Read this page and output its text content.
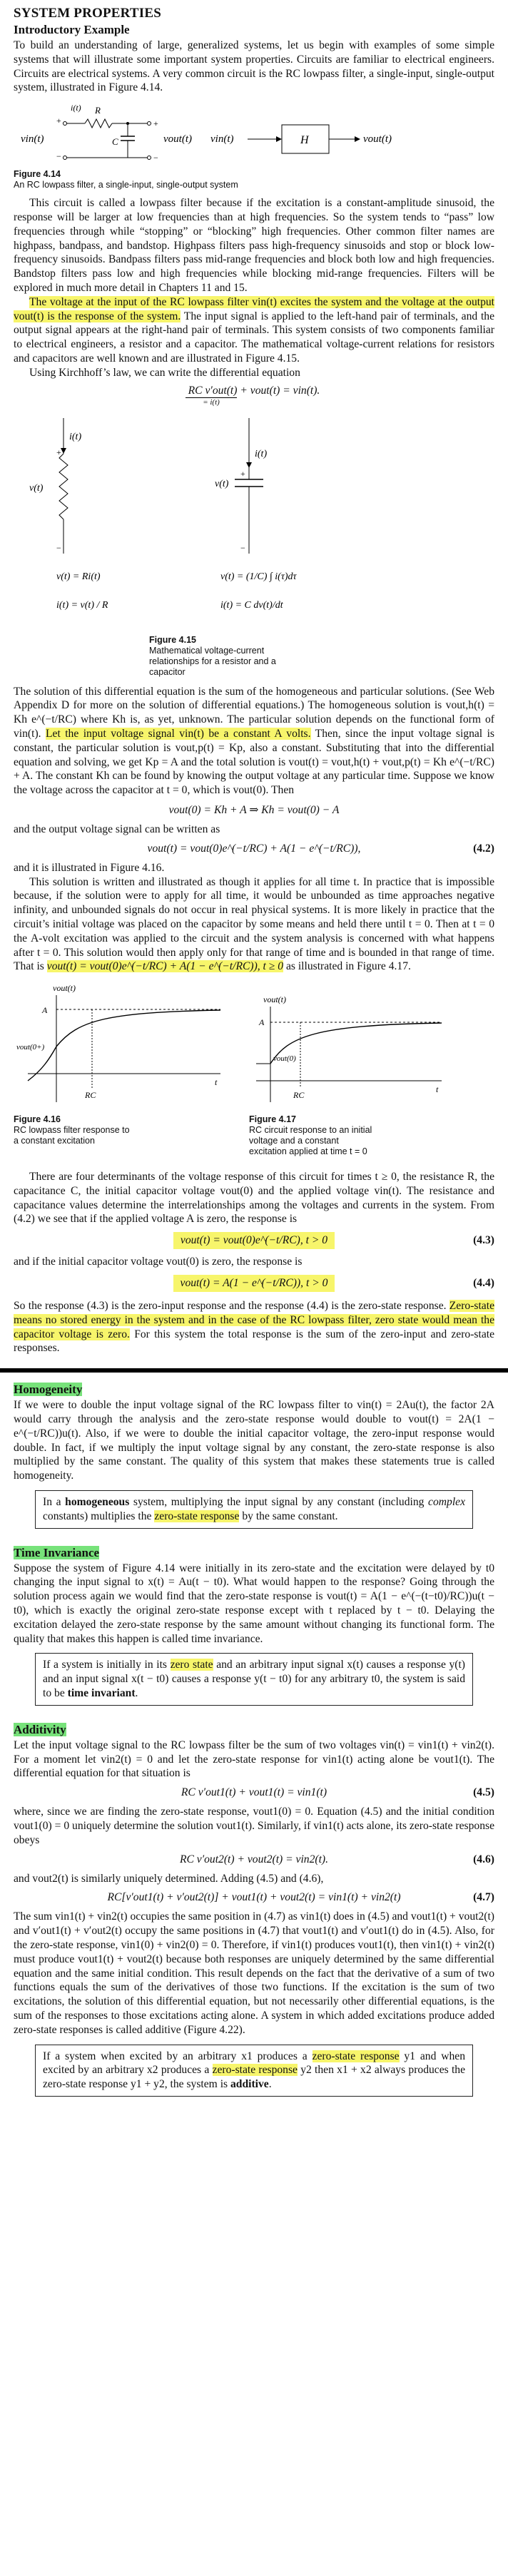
SYSTEM PROPERTIES
Introductory Example

To build an understanding of large, generalized systems, let us begin with examples of some simple systems that will illustrate some important system properties. Circuits are familiar to electrical engineers. Circuits are electrical systems. A very common circuit is the RC lowpass filter, a single-input, single-output system, illustrated in Figure 4.14.

vin(t)
+
−
R
i(t)
C
+
−
vout(t) vin(t)	H	vout(t)
Figure 4.14
An RC lowpass filter, a single-input, single-output system

This circuit is called a lowpass filter because if the excitation is a constant-amplitude sinusoid, the response will be larger at low frequencies than at high frequencies. So the system tends to “pass” low frequencies through while “stopping” or “blocking” high frequencies. Other common filter names are highpass, bandpass, and bandstop. Highpass filters pass high-frequency sinusoids and stop or block low-frequency sinusoids. Bandpass filters pass mid-range frequencies and block both low and high frequencies. Bandstop filters pass low and high frequencies while blocking mid-range frequencies. Filters will be explored in much more detail in Chapters 11 and 15.

The voltage at the input of the RC lowpass filter vin(t) excites the system and the voltage at the output vout(t) is the response of the system. The input signal is applied to the left-hand pair of terminals, and the output signal appears at the right-hand pair of terminals. This system consists of two components familiar to electrical engineers, a resistor and a capacitor. The mathematical voltage-current relations for resistors and capacitors are well known and are illustrated in Figure 4.15.

Using Kirchhoff’s law, we can write the differential equation

RC v′out(t) + vout(t) = vin(t).
= i(t)
i(t)
+
−
v(t)
i(t)
+
−
v(t)
v(t) = Ri(t)
i(t) = v(t) / R
v(t) = (1/C) ∫ i(τ)dτ
i(t) = C dv(t)/dt
Figure 4.15
Mathematical voltage-current relationships for a resistor and a capacitor

The solution of this differential equation is the sum of the homogeneous and particular solutions. (See Web Appendix D for more on the solution of differential equations.) The homogeneous solution is vout,h(t) = Kh e^(−t/RC) where Kh is, as yet, unknown. The particular solution depends on the functional form of vin(t). Let the input voltage signal vin(t) be a constant A volts. Then, since the input voltage signal is constant, the particular solution is vout,p(t) = Kp, also a constant. Substituting that into the differential equation and solving, we get Kp = A and the total solution is vout(t) = vout,h(t) + vout,p(t) = Kh e^(−t/RC) + A. The constant Kh can be found by knowing the output voltage at any particular time. Suppose we know the voltage across the capacitor at t = 0, which is vout(0). Then

vout(0) = Kh + A ⇒ Kh = vout(0) − A

and the output voltage signal can be written as

vout(t) = vout(0)e^(−t/RC) + A(1 − e^(−t/RC)),	(4.2)

and it is illustrated in Figure 4.16.

This solution is written and illustrated as though it applies for all time t. In practice that is impossible because, if the solution were to apply for all time, it would be unbounded as time approaches negative infinity, and unbounded signals do not occur in real physical systems. It is more likely in practice that the circuit’s initial voltage was placed on the capacitor by some means and held there until t = 0. Then at t = 0 the A-volt excitation was applied to the circuit and the system analysis is concerned with what happens after t = 0. This solution would then apply only for that range of time and is bounded in that range of time. That is vout(t) = vout(0)e^(−t/RC) + A(1 − e^(−t/RC)), t ≥ 0 as illustrated in Figure 4.17.

vout(t)
t
A
vout(0+)
RC
Figure 4.16
RC lowpass filter response to a constant excitation
vout(t)
t
A
vout(0)
RC
Figure 4.17
RC circuit response to an initial voltage and a constant excitation applied at time t = 0

There are four determinants of the voltage response of this circuit for times t ≥ 0, the resistance R, the capacitance C, the initial capacitor voltage vout(0) and the applied voltage vin(t). The resistance and capacitance values determine the interrelationships among the voltages and currents in the system. From (4.2) we see that if the applied voltage A is zero, the response is

vout(t) = vout(0)e^(−t/RC), t > 0	(4.3)

and if the initial capacitor voltage vout(0) is zero, the response is

vout(t) = A(1 − e^(−t/RC)), t > 0	(4.4)

So the response (4.3) is the zero-input response and the response (4.4) is the zero-state response. Zero-state means no stored energy in the system and in the case of the RC lowpass filter, zero state would mean the capacitor voltage is zero. For this system the total response is the sum of the zero-input and zero-state responses.

Homogeneity

If we were to double the input voltage signal of the RC lowpass filter to vin(t) = 2Au(t), the factor 2A would carry through the analysis and the zero-state response would double to vout(t) = 2A(1 − e^(−t/RC))u(t). Also, if we were to double the initial capacitor voltage, the zero-input response would double. In fact, if we multiply the input voltage signal by any constant, the zero-state response is also multiplied by the same constant. The quality of this system that makes these statements true is called homogeneity.

In a homogeneous system, multiplying the input signal by any constant (including complex constants) multiplies the zero-state response by the same constant.
Time Invariance

Suppose the system of Figure 4.14 were initially in its zero-state and the excitation were delayed by t0 changing the input signal to x(t) = Au(t − t0). What would happen to the response? Going through the solution process again we would find that the zero-state response is vout(t) = A(1 − e^(−(t−t0)/RC))u(t − t0), which is exactly the original zero-state response except with t replaced by t − t0. Delaying the excitation delayed the zero-state response by the same amount without changing its functional form. The quality that makes this happen is called time invariance.

If a system is initially in its zero state and an arbitrary input signal x(t) causes a response y(t) and an input signal x(t − t0) causes a response y(t − t0) for any arbitrary t0, the system is said to be time invariant.
Additivity

Let the input voltage signal to the RC lowpass filter be the sum of two voltages vin(t) = vin1(t) + vin2(t). For a moment let vin2(t) = 0 and let the zero-state response for vin1(t) acting alone be vout1(t). The differential equation for that situation is

RC v′out1(t) + vout1(t) = vin1(t)	(4.5)

where, since we are finding the zero-state response, vout1(0) = 0. Equation (4.5) and the initial condition vout1(0) = 0 uniquely determine the solution vout1(t). Similarly, if vin1(t) acts alone, its zero-state response obeys

RC v′out2(t) + vout2(t) = vin2(t).	(4.6)

and vout2(t) is similarly uniquely determined. Adding (4.5) and (4.6),

RC[v′out1(t) + v′out2(t)] + vout1(t) + vout2(t) = vin1(t) + vin2(t)	(4.7)

The sum vin1(t) + vin2(t) occupies the same position in (4.7) as vin1(t) does in (4.5) and vout1(t) + vout2(t) and v′out1(t) + v′out2(t) occupy the same positions in (4.7) that vout1(t) and v′out1(t) do in (4.5). Also, for the zero-state response, vin1(0) + vin2(0) = 0. Therefore, if vin1(t) produces vout1(t), then vin1(t) + vin2(t) must produce vout1(t) + vout2(t) because both responses are uniquely determined by the same differential equation and the same initial condition. This result depends on the fact that the derivative of a sum of two functions equals the sum of the derivatives of those two functions. If the excitation is the sum of two excitations, the solution of this differential equation, but not necessarily other differential equations, is the sum of the responses to those excitations acting alone. A system in which added excitations produce added zero-state responses is called additive (Figure 4.22).

If a system when excited by an arbitrary x1 produces a zero-state response y1 and when excited by an arbitrary x2 produces a zero-state response y2 then x1 + x2 always produces the zero-state response y1 + y2, the system is additive.
